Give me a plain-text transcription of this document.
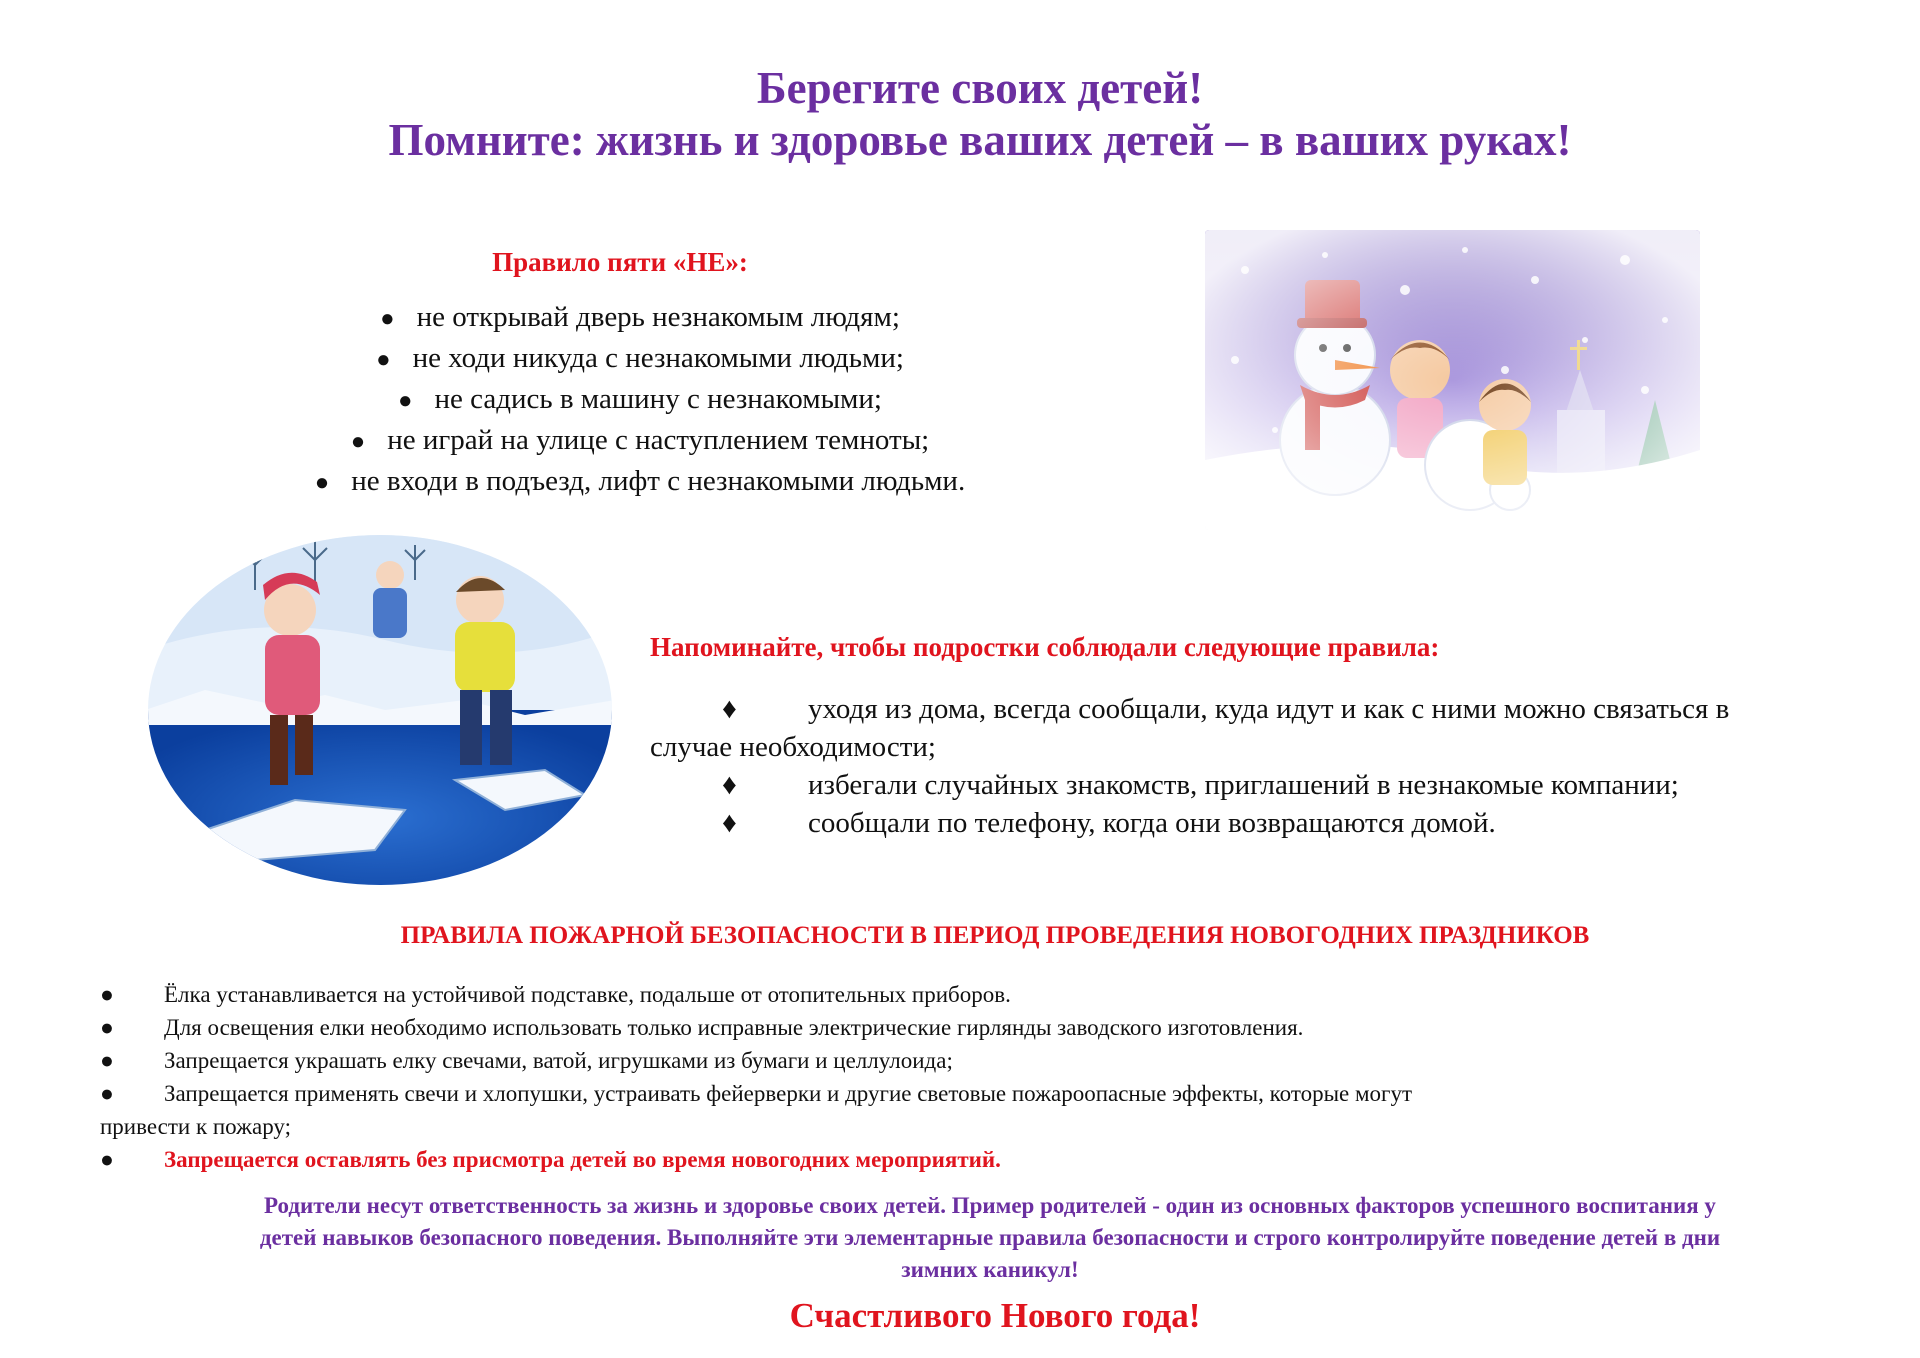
Берегите своих детей!
Помните: жизнь и здоровье ваших детей – в ваших руках!
Правило пяти «НЕ»:
● не открывай дверь незнакомым людям;
● не ходи никуда с незнакомыми людьми;
● не садись в машину с незнакомыми;
● не играй на улице с наступлением темноты;
● не входи в подъезд, лифт с незнакомыми людьми.
Напоминайте, чтобы подростки соблюдали следующие правила:

♦ уходя из дома, всегда сообщали, куда идут и как с ними можно связаться в

случае необходимости;

♦ избегали случайных знакомств, приглашений в незнакомые компании;

♦ сообщали по телефону, когда они возвращаются домой.

ПРАВИЛА ПОЖАРНОЙ БЕЗОПАСНОСТИ В ПЕРИОД ПРОВЕДЕНИЯ НОВОГОДНИХ ПРАЗДНИКОВ
● Ёлка устанавливается на устойчивой подставке, подальше от отопительных приборов.
● Для освещения елки необходимо использовать только исправные электрические гирлянды заводского изготовления.
● Запрещается украшать елку свечами, ватой, игрушками из бумаги и целлулоида;
● Запрещается применять свечи и хлопушки, устраивать фейерверки и другие световые пожароопасные эффекты, которые могут
привести к пожару;
● Запрещается оставлять без присмотра детей во время новогодних мероприятий.
Родители несут ответственность за жизнь и здоровье своих детей. Пример родителей - один из основных факторов успешного воспитания у
детей навыков безопасного поведения. Выполняйте эти элементарные правила безопасности и строго контролируйте поведение детей в дни
зимних каникул!
Счастливого Нового года!
